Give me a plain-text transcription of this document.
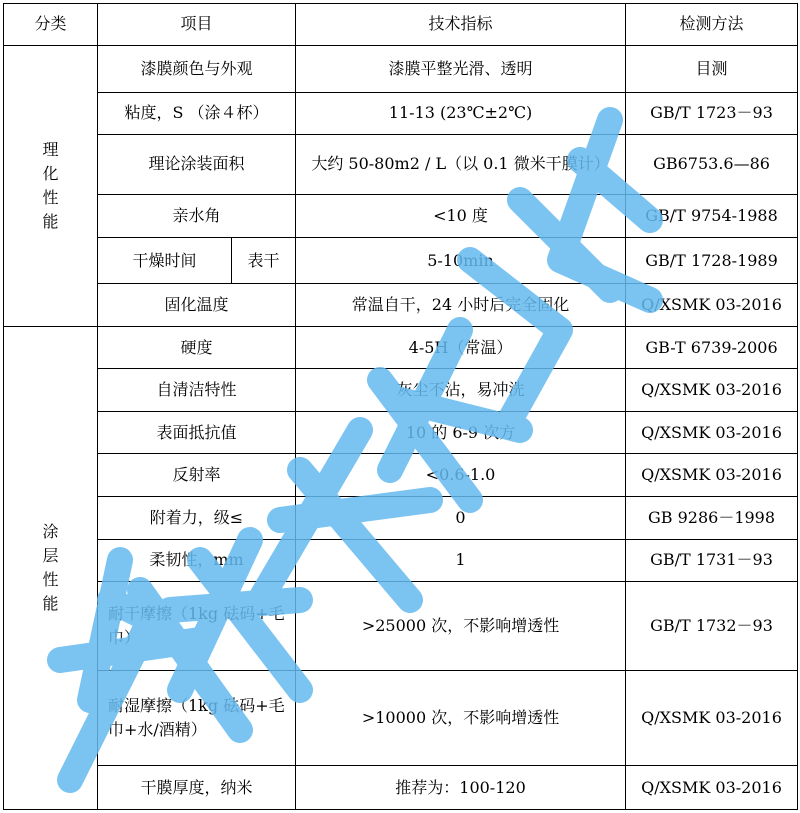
分类	项目		技术指标	检测方法

理
化
性
能	漆膜颜色与外观		漆膜平整光滑、透明	目测
	粘度，S （涂４杯）		11-13 (23℃±2℃)	GB/T 1723－93
	理论涂装面积		大约 50-80m2 / L（以 0.1 微米干膜计）	GB6753.6—86
	亲水角		<10 度	GB/T 9754-1988
	干燥时间	表干	5-10min	GB/T 1728-1989
	固化温度		常温自干，24 小时后完全固化	Q/XSMK 03-2016

涂
层
性
能	硬度		4-5H（常温）	GB-T 6739-2006
	自清洁特性		灰尘不沾，易冲洗	Q/XSMK 03-2016
	表面抵抗值		10 的 6-9 次方	Q/XSMK 03-2016
	反射率		<0.6-1.0	Q/XSMK 03-2016
	附着力，级≤		0	GB 9286－1998
	柔韧性，mm		1	GB/T 1731－93
	耐干摩擦（1kg 砝码+毛巾）		>25000 次，不影响增透性	GB/T 1732－93
	耐湿摩擦（1kg 砝码+毛巾+水/酒精）		>10000 次，不影响增透性	Q/XSMK 03-2016
	干膜厚度，纳米		推荐为：100-120	Q/XSMK 03-2016
